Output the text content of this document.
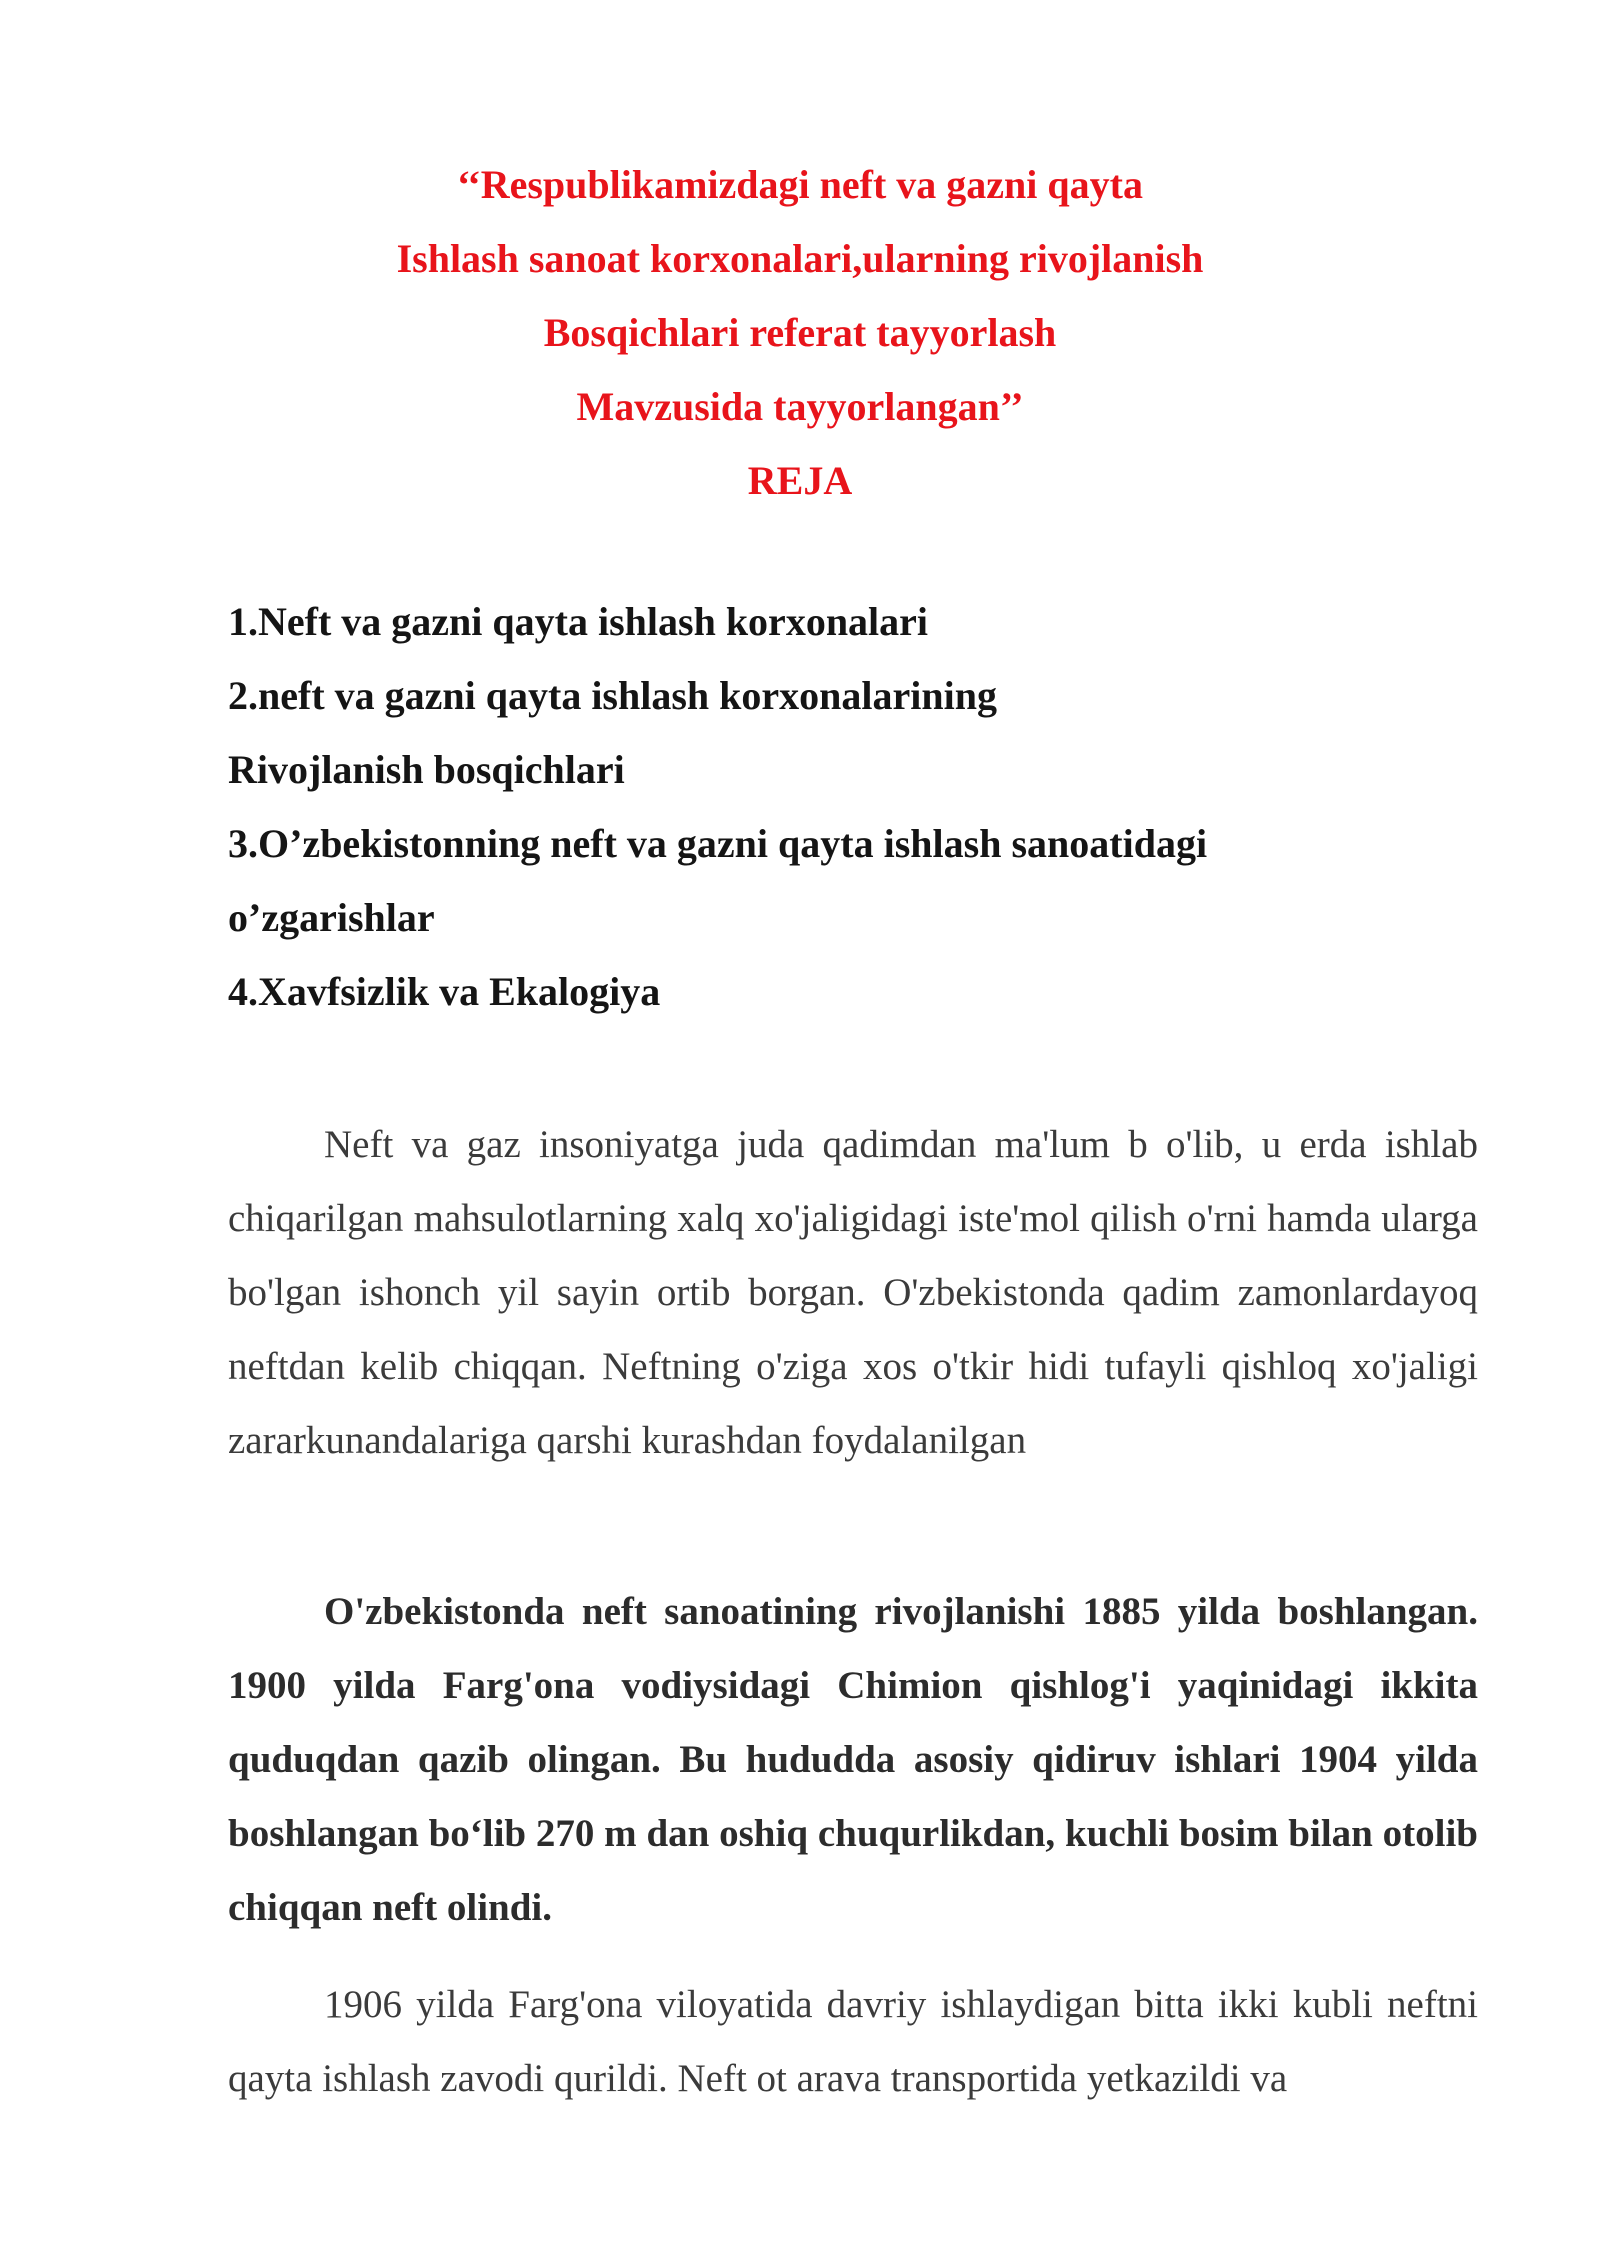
‘‘Respublikamizdagi neft va gazni qayta
Ishlash sanoat korxonalari,ularning rivojlanish
Bosqichlari referat tayyorlash
Mavzusida tayyorlangan’’
REJA
1.Neft va gazni qayta ishlash korxonalari
2.neft va gazni qayta ishlash korxonalarining
Rivojlanish bosqichlari
3.O’zbekistonning neft va gazni qayta ishlash sanoatidagi
o’zgarishlar
4.Xavfsizlik va Ekalogiya
Neft va gaz insoniyatga juda qadimdan ma'lum b o'lib, u erda ishlab chiqarilgan mahsulotlarning xalq xo'jaligidagi iste'mol qilish o'rni hamda ularga bo'lgan ishonch yil sayin ortib borgan. O'zbekistonda qadim zamonlardayoq neftdan kelib chiqqan. Neftning o'ziga xos o'tkir hidi tufayli qishloq xo'jaligi zararkunandalariga qarshi kurashdan foydalanilgan
O'zbekistonda neft sanoatining rivojlanishi 1885 yilda boshlangan. 1900 yilda Farg'ona vodiysidagi Chimion qishlog'i yaqinidagi ikkita quduqdan qazib olingan. Bu hududda asosiy qidiruv ishlari 1904 yilda boshlangan bo‘lib 270 m dan oshiq chuqurlikdan, kuchli bosim bilan otolib chiqqan neft olindi.
1906 yilda Farg'ona viloyatida davriy ishlaydigan bitta ikki kubli neftni qayta ishlash zavodi qurildi. Neft ot arava transportida yetkazildi va
